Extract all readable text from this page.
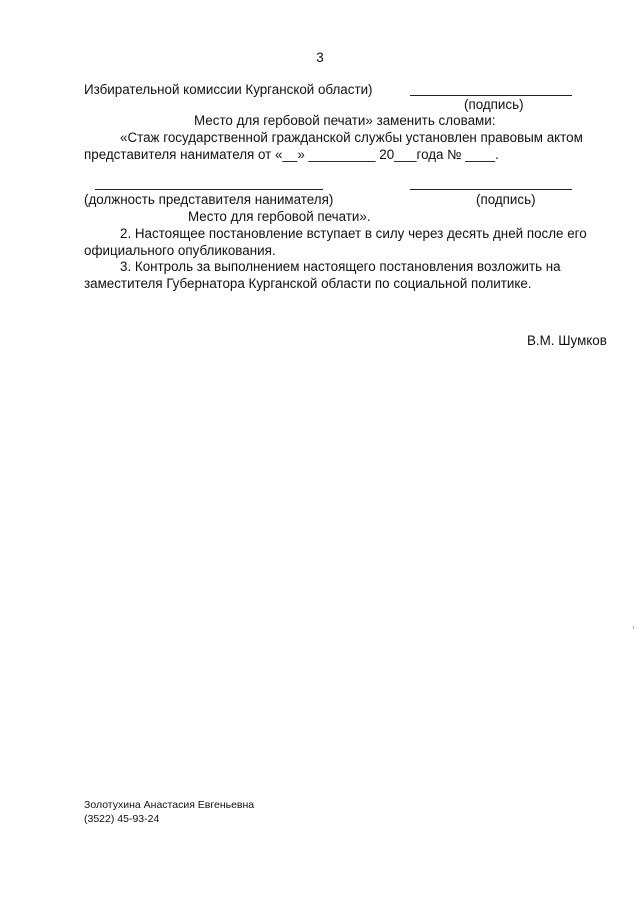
3
Избирательной комиссии Курганской области)
(подпись)
Место для гербовой печати» заменить словами:
«Стаж государственной гражданской службы установлен правовым актом
представителя нанимателя от «__» _________ 20___года № ____.
(должность представителя нанимателя)	(подпись)
Место для гербовой печати».
2. Настоящее постановление вступает в силу через десять дней после его
официального опубликования.
3. Контроль за выполнением настоящего постановления возложить на
заместителя Губернатора Курганской области по социальной политике.
В.М. Шумков
Золотухина Анастасия Евгеньевна
(3522) 45-93-24
